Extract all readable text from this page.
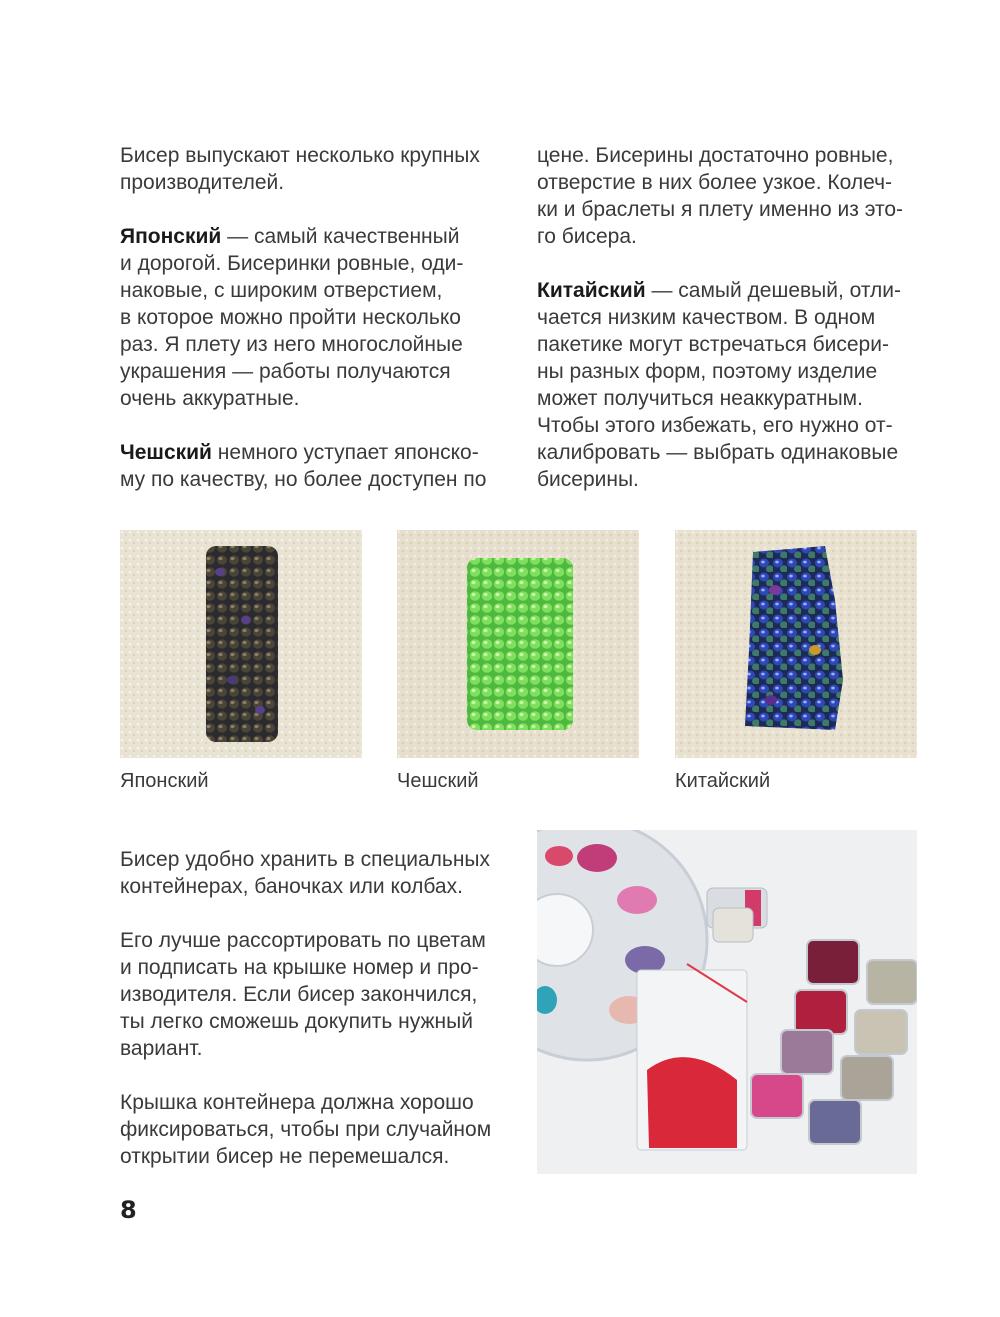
Бисер выпускают несколько крупных
производителей.

Японский — самый качественный
и дорогой. Бисеринки ровные, оди-
наковые, с широким отверстием,
в которое можно пройти несколько
раз. Я плету из него многослойные
украшения — работы получаются
очень аккуратные.

Чешский немного уступает японско-
му по качеству, но более доступен по

цене. Бисерины достаточно ровные,
отверстие в них более узкое. Колеч-
ки и браслеты я плету именно из это-
го бисера.

Китайский — самый дешевый, отли-
чается низким качеством. В одном
пакетике могут встречаться бисери-
ны разных форм, поэтому изделие
может получиться неаккуратным.
Чтобы этого избежать, его нужно от-
калибровать — выбрать одинаковые
бисерины.

Японский	Чешский	Китайский

Бисер удобно хранить в специальных
контейнерах, баночках или колбах.

Его лучше рассортировать по цветам
и подписать на крышке номер и про-
изводителя. Если бисер закончился,
ты легко сможешь докупить нужный
вариант.

Крышка контейнера должна хорошо
фиксироваться, чтобы при случайном
открытии бисер не перемешался.

8
